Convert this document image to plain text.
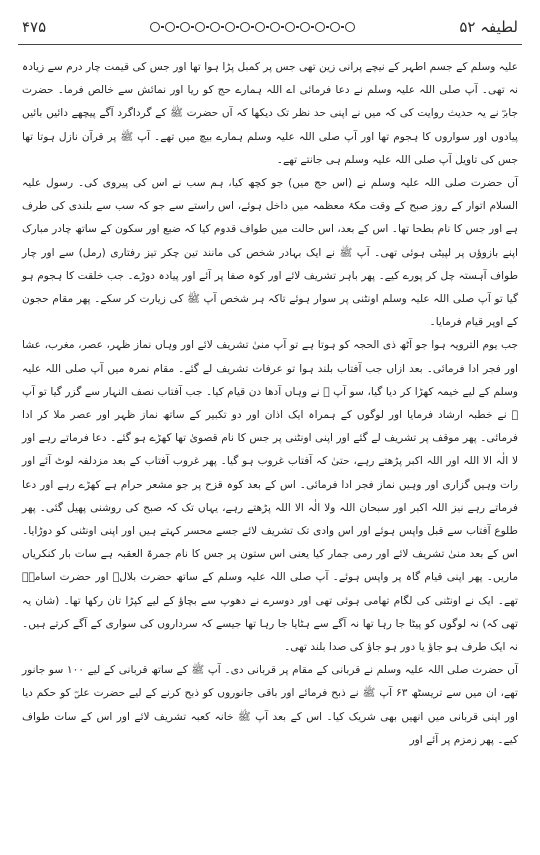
۴۷۵	لطیفہ ۵۲

علیہ وسلم کے جسم اطہر کے نیچے پرانی زین تھی جس پر کمبل پڑا ہوا تھا اور جس کی قیمت چار درم سے زیادہ نہ تھی۔ آپ صلی اللہ علیہ وسلم نے دعا فرمائی اے اللہ ہمارے حج کو ریا اور نمائش سے خالص فرما۔ حضرت جابرؓ نے یہ حدیث روایت کی کہ میں نے اپنی حد نظر تک دیکھا کہ آں حضرت ﷺ کے گرداگرد آگے پیچھے دائیں بائیں پیادوں اور سواروں کا ہجوم تھا اور آپ صلی اللہ علیہ وسلم ہمارے بیچ میں تھے۔ آپ ﷺ پر قرآن نازل ہوتا تھا جس کی تاویل آپ صلی اللہ علیہ وسلم ہی جانتے تھے۔

آں حضرت صلی اللہ علیہ وسلم نے (اس حج میں) جو کچھ کیا، ہم سب نے اس کی پیروی کی۔ رسول علیہ السلام اتوار کے روز صبح کے وقت مکۂ معظمہ میں داخل ہوئے، اس راستے سے جو کہ سب سے بلندی کی طرف ہے اور جس کا نام بطحا تھا۔ اس کے بعد، اس حالت میں طواف قدوم کیا کہ ضبع اور سکون کے ساتھ چادر مبارک اپنے بازوؤں پر لپیٹی ہوئی تھی۔ آپ ﷺ نے ایک بہادر شخص کی مانند تین چکر تیز رفتاری (رمل) سے اور چار طواف آہستہ چل کر پورے کیے۔ پھر باہر تشریف لائے اور کوہ صفا پر آئے اور پیادہ دوڑے۔ جب خلقت کا ہجوم ہو گیا تو آپ صلی اللہ علیہ وسلم اونٹنی پر سوار ہوئے تاکہ ہر شخص آپ ﷺ کی زیارت کر سکے۔ پھر مقام حجون کے اوپر قیام فرمایا۔

جب یوم الترویہ ہوا جو آٹھ ذی الحجہ کو ہوتا ہے تو آپ منیٰ تشریف لائے اور وہاں نماز ظہر، عصر، مغرب، عشا اور فجر ادا فرمائی۔ بعد ازاں جب آفتاب بلند ہوا تو عرفات تشریف لے گئے۔ مقام نمرہ میں آپ صلی اللہ علیہ وسلم کے لیے خیمہ کھڑا کر دیا گیا، سو آپ ﷺ نے وہاں آدھا دن قیام کیا۔ جب آفتاب نصف النہار سے گزر گیا تو آپ ﷺ نے خطبہ ارشاد فرمایا اور لوگوں کے ہمراہ ایک اذان اور دو تکبیر کے ساتھ نماز ظہر اور عصر ملا کر ادا فرمائی۔ پھر موقف پر تشریف لے گئے اور اپنی اونٹنی پر جس کا نام قصویٰ تھا کھڑے ہو گئے۔ دعا فرماتے رہے اور لا الٰہ الا اللہ اور اللہ اکبر پڑھتے رہے، حتیٰ کہ آفتاب غروب ہو گیا۔ پھر غروب آفتاب کے بعد مزدلفہ لوٹ آئے اور رات وہیں گزاری اور وہیں نماز فجر ادا فرمائی۔ اس کے بعد کوہ قزح پر جو مشعر حرام ہے کھڑے رہے اور دعا فرماتے رہے نیز اللہ اکبر اور سبحان اللہ ولا الٰہ الا اللہ پڑھتے رہے، یہاں تک کہ صبح کی روشنی پھیل گئی۔ پھر طلوع آفتاب سے قبل واپس ہوئے اور اس وادی تک تشریف لائے جسے محسر کہتے ہیں اور اپنی اونٹنی کو دوڑایا۔ اس کے بعد منیٰ تشریف لائے اور رمی جمار کیا یعنی اس ستون پر جس کا نام جمرۃ العقبہ ہے سات بار کنکریاں ماریں۔ پھر اپنی قیام گاہ پر واپس ہوئے۔ آپ صلی اللہ علیہ وسلم کے ساتھ حضرت بلالؓ اور حضرت اسامہؓ تھے۔ ایک نے اونٹنی کی لگام تھامی ہوئی تھی اور دوسرے نے دھوپ سے بچاؤ کے لیے کپڑا تان رکھا تھا۔ (شان یہ تھی کہ) نہ لوگوں کو پیٹا جا رہا تھا نہ آگے سے ہٹایا جا رہا تھا جیسے کہ سرداروں کی سواری کے آگے کرتے ہیں۔ نہ ایک طرف ہو جاؤ یا دور ہو جاؤ کی صدا بلند تھی۔

آں حضرت صلی اللہ علیہ وسلم نے قربانی کے مقام پر قربانی دی۔ آپ ﷺ کے ساتھ قربانی کے لیے ۱۰۰ سو جانور تھے، ان میں سے تریسٹھ ۶۳ آپ ﷺ نے ذبح فرمائے اور باقی جانوروں کو ذبح کرنے کے لیے حضرت علیؓ کو حکم دیا اور اپنی قربانی میں انھیں بھی شریک کیا۔ اس کے بعد آپ ﷺ خانہ کعبہ تشریف لائے اور اس کے سات طواف کیے۔ پھر زمزم پر آئے اور
